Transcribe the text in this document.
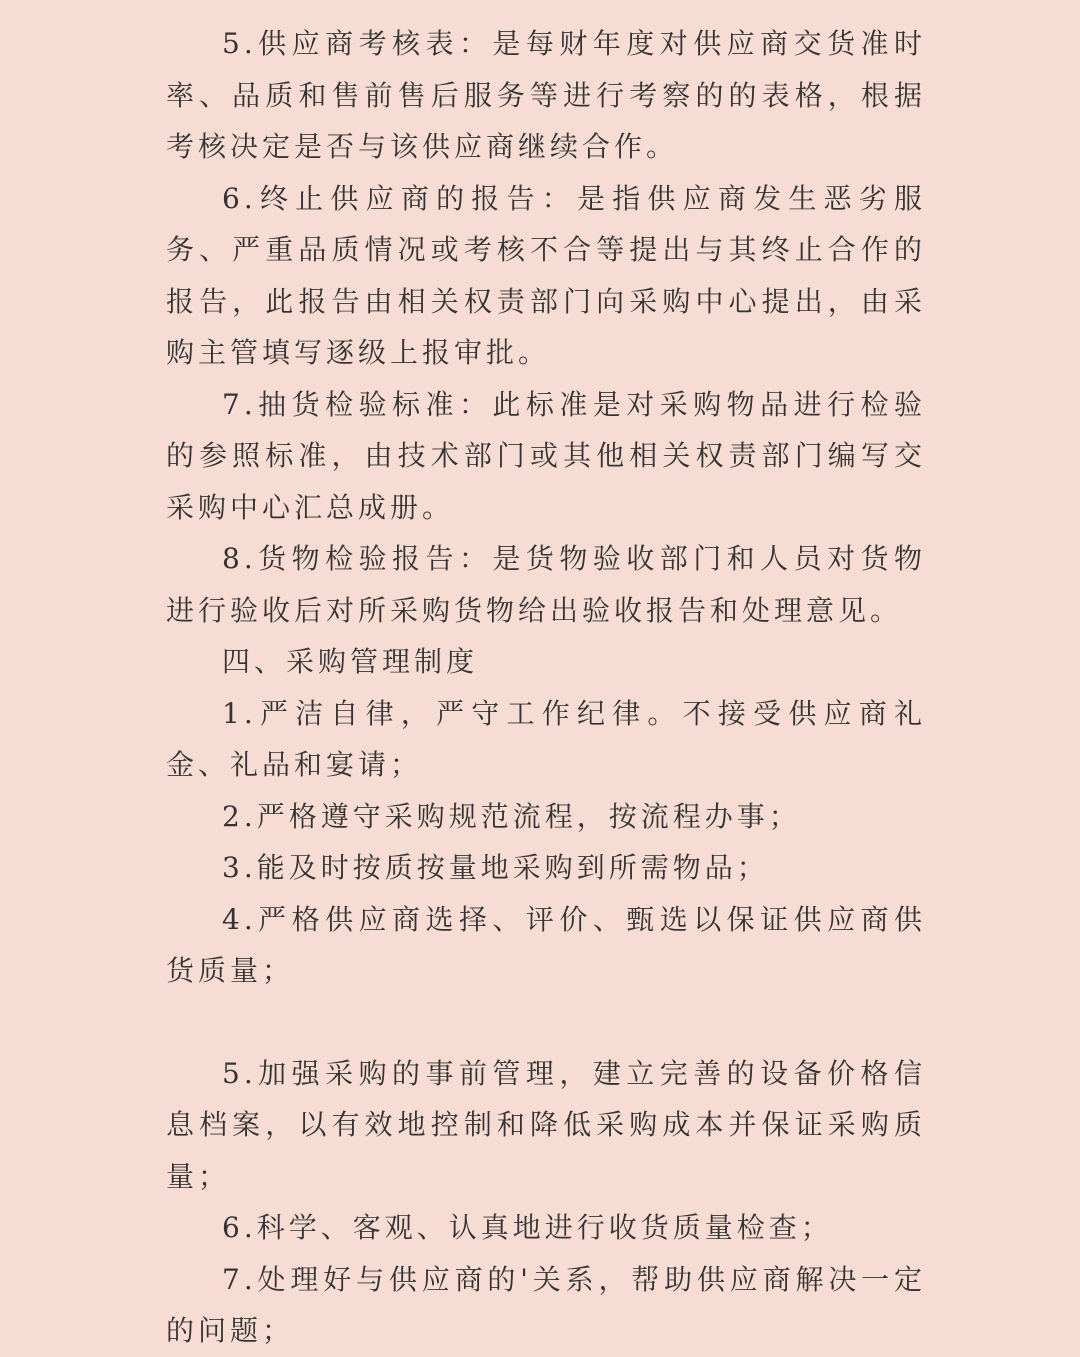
5.供应商考核表：是每财年度对供应商交货准时率、品质和售前售后服务等进行考察的的表格，根据考核决定是否与该供应商继续合作。

6.终止供应商的报告：是指供应商发生恶劣服务、严重品质情况或考核不合等提出与其终止合作的报告，此报告由相关权责部门向采购中心提出，由采购主管填写逐级上报审批。

7.抽货检验标准：此标准是对采购物品进行检验的参照标准，由技术部门或其他相关权责部门编写交采购中心汇总成册。

8.货物检验报告：是货物验收部门和人员对货物进行验收后对所采购货物给出验收报告和处理意见。

四、采购管理制度

1.严洁自律，严守工作纪律。不接受供应商礼金、礼品和宴请；

2.严格遵守采购规范流程，按流程办事；

3.能及时按质按量地采购到所需物品；

4.严格供应商选择、评价、甄选以保证供应商供货质量；

5.加强采购的事前管理，建立完善的设备价格信息档案，以有效地控制和降低采购成本并保证采购质量；

6.科学、客观、认真地进行收货质量检查；

7.处理好与供应商的'关系，帮助供应商解决一定的问题；
